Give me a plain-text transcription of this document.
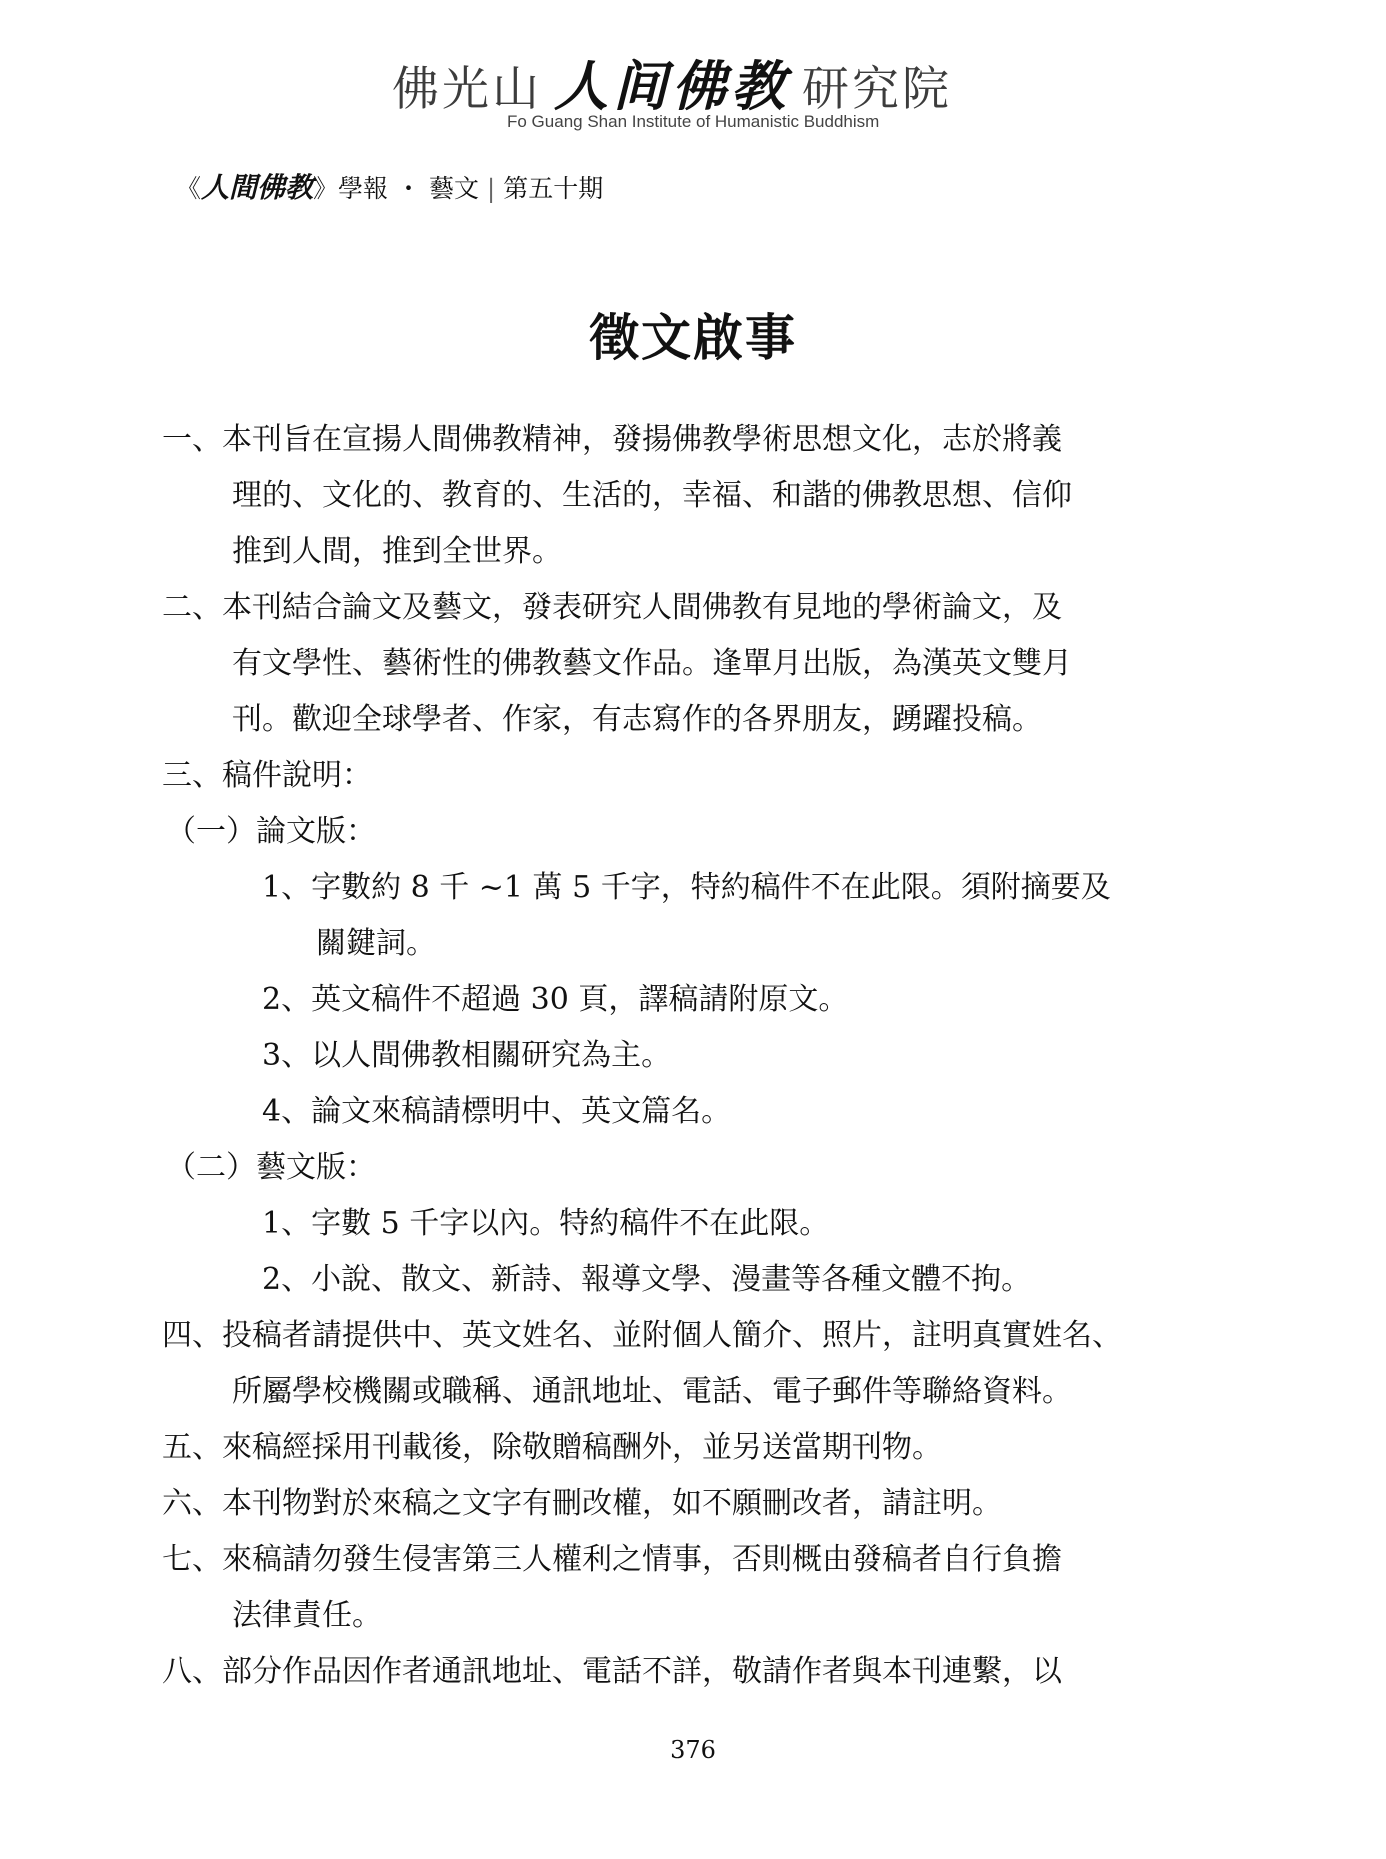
佛光山 人间佛教 研究院
Fo Guang Shan Institute of Humanistic Buddhism
《人間佛教》學報 ・ 藝文 | 第五十期
徵文啟事
一、本刊旨在宣揚人間佛教精神，發揚佛教學術思想文化，志於將義
理的、文化的、教育的、生活的，幸福、和諧的佛教思想、信仰
推到人間，推到全世界。
二、本刊結合論文及藝文，發表研究人間佛教有見地的學術論文，及
有文學性、藝術性的佛教藝文作品。逢單月出版，為漢英文雙月
刊。歡迎全球學者、作家，有志寫作的各界朋友，踴躍投稿。
三、稿件說明：
（一）論文版：
1、字數約 8 千 ~1 萬 5 千字，特約稿件不在此限。須附摘要及
關鍵詞。
2、英文稿件不超過 30 頁，譯稿請附原文。
3、以人間佛教相關研究為主。
4、論文來稿請標明中、英文篇名。
（二）藝文版：
1、字數 5 千字以內。特約稿件不在此限。
2、小說、散文、新詩、報導文學、漫畫等各種文體不拘。
四、投稿者請提供中、英文姓名、並附個人簡介、照片，註明真實姓名、
所屬學校機關或職稱、通訊地址、電話、電子郵件等聯絡資料。
五、來稿經採用刊載後，除敬贈稿酬外，並另送當期刊物。
六、本刊物對於來稿之文字有刪改權，如不願刪改者，請註明。
七、來稿請勿發生侵害第三人權利之情事，否則概由發稿者自行負擔
法律責任。
八、部分作品因作者通訊地址、電話不詳，敬請作者與本刊連繫，以
376
